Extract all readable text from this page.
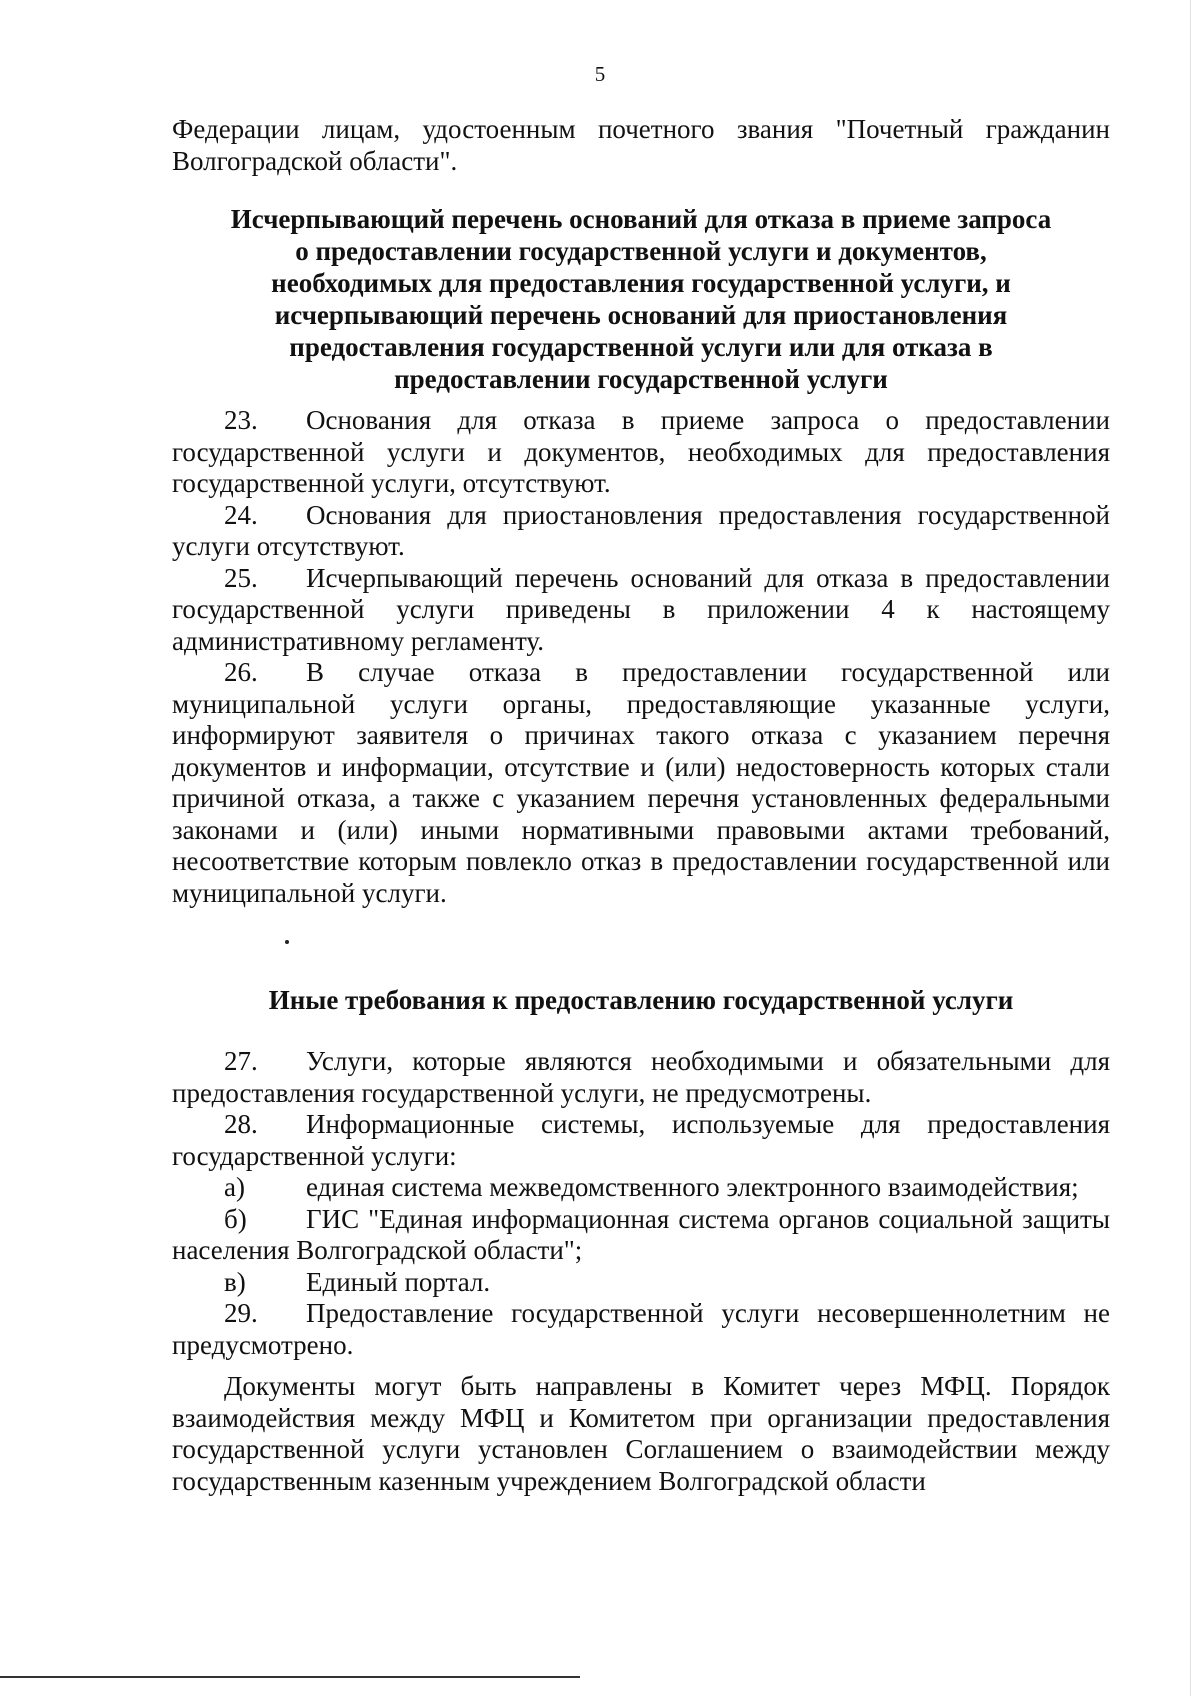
5

Федерации лицам, удостоенным почетного звания "Почетный гражданин Волгоградской области".

Исчерпывающий перечень оснований для отказа в приеме запроса
о предоставлении государственной услуги и документов,
необходимых для предоставления государственной услуги, и
исчерпывающий перечень оснований для приостановления
предоставления государственной услуги или для отказа в
предоставлении государственной услуги

23. Основания для отказа в приеме запроса о предоставлении государственной услуги и документов, необходимых для предоставления государственной услуги, отсутствуют.

24. Основания для приостановления предоставления государственной услуги отсутствуют.

25. Исчерпывающий перечень оснований для отказа в предоставлении государственной услуги приведены в приложении 4 к настоящему административному регламенту.

26. В случае отказа в предоставлении государственной или муниципальной услуги органы, предоставляющие указанные услуги, информируют заявителя о причинах такого отказа с указанием перечня документов и информации, отсутствие и (или) недостоверность которых стали причиной отказа, а также с указанием перечня установленных федеральными законами и (или) иными нормативными правовыми актами требований, несоответствие которым повлекло отказ в предоставлении государственной или муниципальной услуги.

Иные требования к предоставлению государственной услуги

27. Услуги, которые являются необходимыми и обязательными для предоставления государственной услуги, не предусмотрены.

28. Информационные системы, используемые для предоставления государственной услуги:

а) единая система межведомственного электронного взаимодействия;

б) ГИС "Единая информационная система органов социальной защиты населения Волгоградской области";

в) Единый портал.

29. Предоставление государственной услуги несовершеннолетним не предусмотрено.

Документы могут быть направлены в Комитет через МФЦ. Порядок взаимодействия между МФЦ и Комитетом при организации предоставления государственной услуги установлен Соглашением о взаимодействии между государственным казенным учреждением Волгоградской области
